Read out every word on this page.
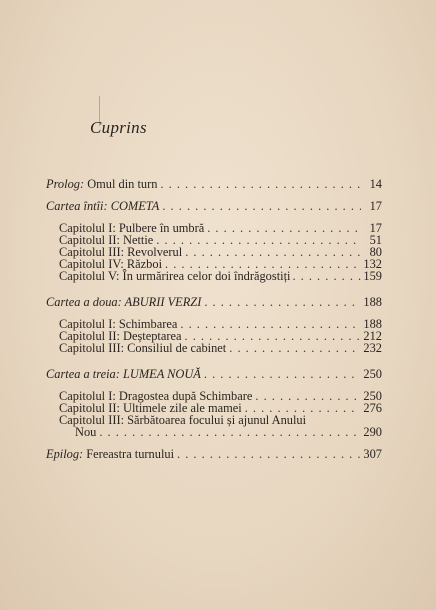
Cuprins
Prolog: Omul din turn . . .	14
Cartea întîi: COMETA . . .	17
Capitolul I: Pulbere în umbră . . .	17
Capitolul II: Nettie . . .	51
Capitolul III: Revolverul . . .	80
Capitolul IV: Război . . .	132
Capitolul V: În urmărirea celor doi îndrăgostiți . . .	159
Cartea a doua: ABURII VERZI . . .	188
Capitolul I: Schimbarea . . .	188
Capitolul II: Deșteptarea . . .	212
Capitolul III: Consiliul de cabinet . . .	232
Cartea a treia: LUMEA NOUĂ . . .	250
Capitolul I: Dragostea după Schimbare . . .	250
Capitolul II: Ultimele zile ale mamei . . .	276
Capitolul III: Sărbătoarea focului și ajunul Anului
Nou . . .	290
Epilog: Fereastra turnului . . .	307
